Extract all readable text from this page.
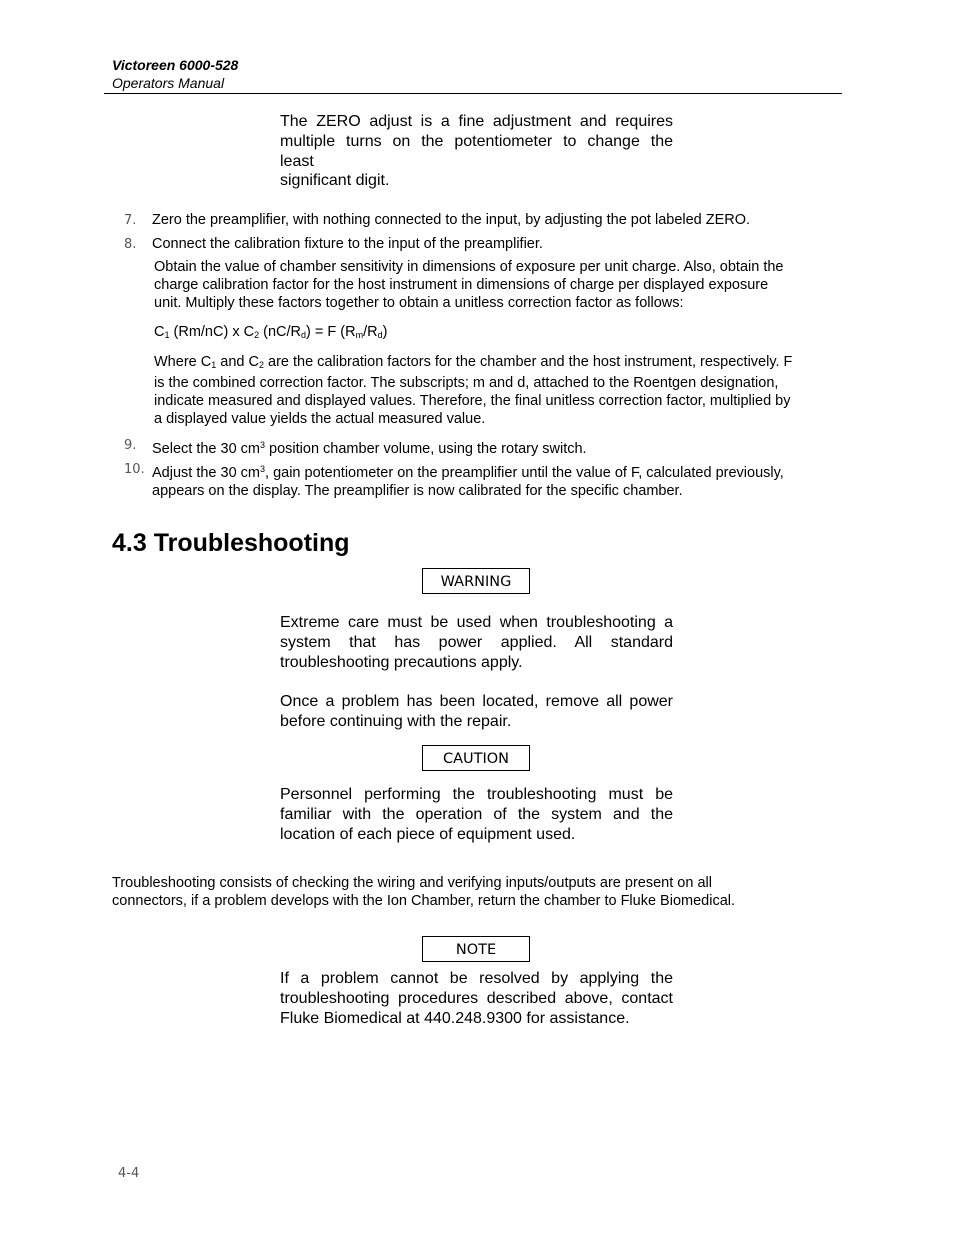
Victoreen 6000-528
Operators Manual
The ZERO adjust is a fine adjustment and requires
multiple turns on the potentiometer to change the
least
significant digit.
7. Zero the preamplifier, with nothing connected to the input, by adjusting the pot labeled ZERO.
8. Connect the calibration fixture to the input of the preamplifier.
Obtain the value of chamber sensitivity in dimensions of exposure per unit charge. Also, obtain the
charge calibration factor for the host instrument in dimensions of charge per displayed exposure
unit. Multiply these factors together to obtain a unitless correction factor as follows:
$C_1$ (Rm/nC) x $C_2$ $(nC/R_d) = F$ $(R_m/R_d)$
Where $C_1$ and $C_2$ are the calibration factors for the chamber and the host instrument, respectively. F
is the combined correction factor. The subscripts; m and d, attached to the Roentgen designation,
indicate measured and displayed values. Therefore, the final unitless correction factor, multiplied by
a displayed value yields the actual measured value.
9. Select the 30 $cm^3$ position chamber volume, using the rotary switch.
10. Adjust the 30 $cm^3$, gain potentiometer on the preamplifier until the value of F, calculated previously,
appears on the display. The preamplifier is now calibrated for the specific chamber.
4.3 Troubleshooting
WARNING
Extreme care must be used when troubleshooting a system that has power applied. All standard troubleshooting precautions apply.
Once a problem has been located, remove all power before continuing with the repair.
CAUTION
Personnel performing the troubleshooting must be familiar with the operation of the system and the location of each piece of equipment used.
Troubleshooting consists of checking the wiring and verifying inputs/outputs are present on all
connectors, if a problem develops with the Ion Chamber, return the chamber to Fluke Biomedical.
NOTE
If a problem cannot be resolved by applying the troubleshooting procedures described above, contact Fluke Biomedical at 440.248.9300 for assistance.
4-4
